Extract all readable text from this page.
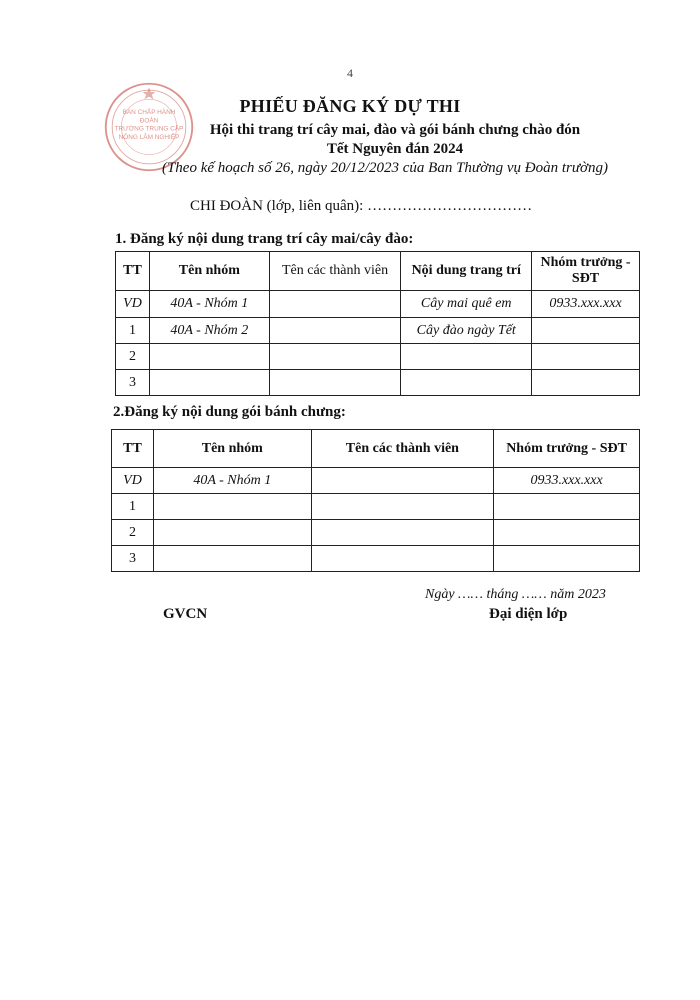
4
BAN CHẤP HÀNH
ĐOÀN
TRƯỜNG TRUNG CẤP
NÔNG LÂM NGHIỆP
PHIẾU ĐĂNG KÝ DỰ THI
Hội thi trang trí cây mai, đào và gói bánh chưng chào đón
Tết Nguyên đán 2024
(Theo kế hoạch số 26, ngày 20/12/2023 của Ban Thường vụ Đoàn trường)
CHI ĐOÀN (lớp, liên quân): ……………………………
1. Đăng ký nội dung trang trí cây mai/cây đào:
TT	Tên nhóm	Tên các thành viên	Nội dung trang trí	Nhóm trưởng - SĐT
VD	40A - Nhóm 1		Cây mai quê em	0933.xxx.xxx
1	40A - Nhóm 2		Cây đào ngày Tết	
2				
3				
2.Đăng ký nội dung gói bánh chưng:
TT	Tên nhóm	Tên các thành viên	Nhóm trưởng - SĐT
VD	40A - Nhóm 1		0933.xxx.xxx
1			
2			
3			
Ngày …… tháng …… năm 2023
GVCN	Đại diện lớp
